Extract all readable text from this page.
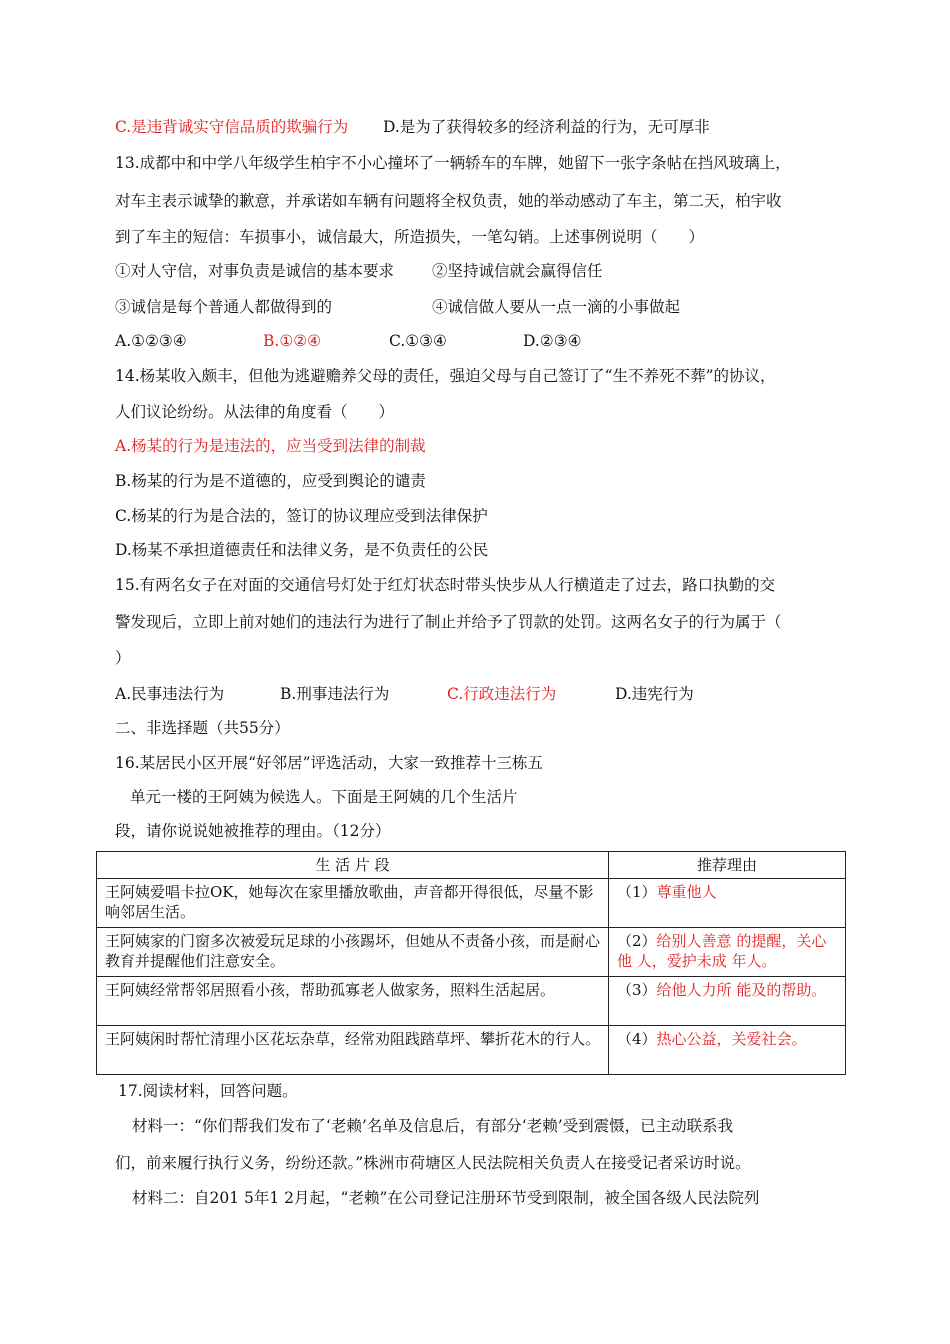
C.是违背诚实守信品质的欺骗行为 D.是为了获得较多的经济利益的行为，无可厚非
13.成都中和中学八年级学生柏宇不小心撞坏了一辆轿车的车牌，她留下一张字条帖在挡风玻璃上，
对车主表示诚挚的歉意，并承诺如车辆有问题将全权负责，她的举动感动了车主，第二天，柏宇收
到了车主的短信：车损事小，诚信最大，所造损失，一笔勾销。上述事例说明（　　）
①对人守信，对事负责是诚信的基本要求 ②坚持诚信就会赢得信任
③诚信是每个普通人都做得到的	④诚信做人要从一点一滴的小事做起
A.①②③④	B.①②④	C.①③④	D.②③④
14.杨某收入颇丰，但他为逃避赡养父母的责任，强迫父母与自己签订了“生不养死不葬”的协议，
人们议论纷纷。从法律的角度看（　　）
A.杨某的行为是违法的，应当受到法律的制裁
B.杨某的行为是不道德的，应受到舆论的谴责
C.杨某的行为是合法的，签订的协议理应受到法律保护
D.杨某不承担道德责任和法律义务，是不负责任的公民
15.有两名女子在对面的交通信号灯处于红灯状态时带头快步从人行横道走了过去，路口执勤的交
警发现后，立即上前对她们的违法行为进行了制止并给予了罚款的处罚。这两名女子的行为属于（
）
A.民事违法行为	B.刑事违法行为	C.行政违法行为	D.违宪行为
二、非选择题（共55分）
16.某居民小区开展“好邻居”评选活动，大家一致推荐十三栋五
单元一楼的王阿姨为候选人。下面是王阿姨的几个生活片
段，请你说说她被推荐的理由。（12分）
生 活 片 段	推荐理由
王阿姨爱唱卡拉OK，她每次在家里播放歌曲，声音都开得很低，尽量不影响邻居生活。	（1）尊重他人
王阿姨家的门窗多次被爱玩足球的小孩踢坏，但她从不责备小孩，而是耐心教育并提醒他们注意安全。	（2）给别人善意 的提醒，关心他 人，爱护未成 年人。
王阿姨经常帮邻居照看小孩，帮助孤寡老人做家务，照料生活起居。	（3）给他人力所 能及的帮助。
王阿姨闲时帮忙清理小区花坛杂草，经常劝阻践踏草坪、攀折花木的行人。	（4）热心公益，关爱社会。
17.阅读材料，回答问题。
材料一：“你们帮我们发布了‘老赖’名单及信息后，有部分‘老赖’受到震慑，已主动联系我
们，前来履行执行义务，纷纷还款。”株洲市荷塘区人民法院相关负责人在接受记者采访时说。
材料二：自201 5年1 2月起，“老赖”在公司登记注册环节受到限制，被全国各级人民法院列
